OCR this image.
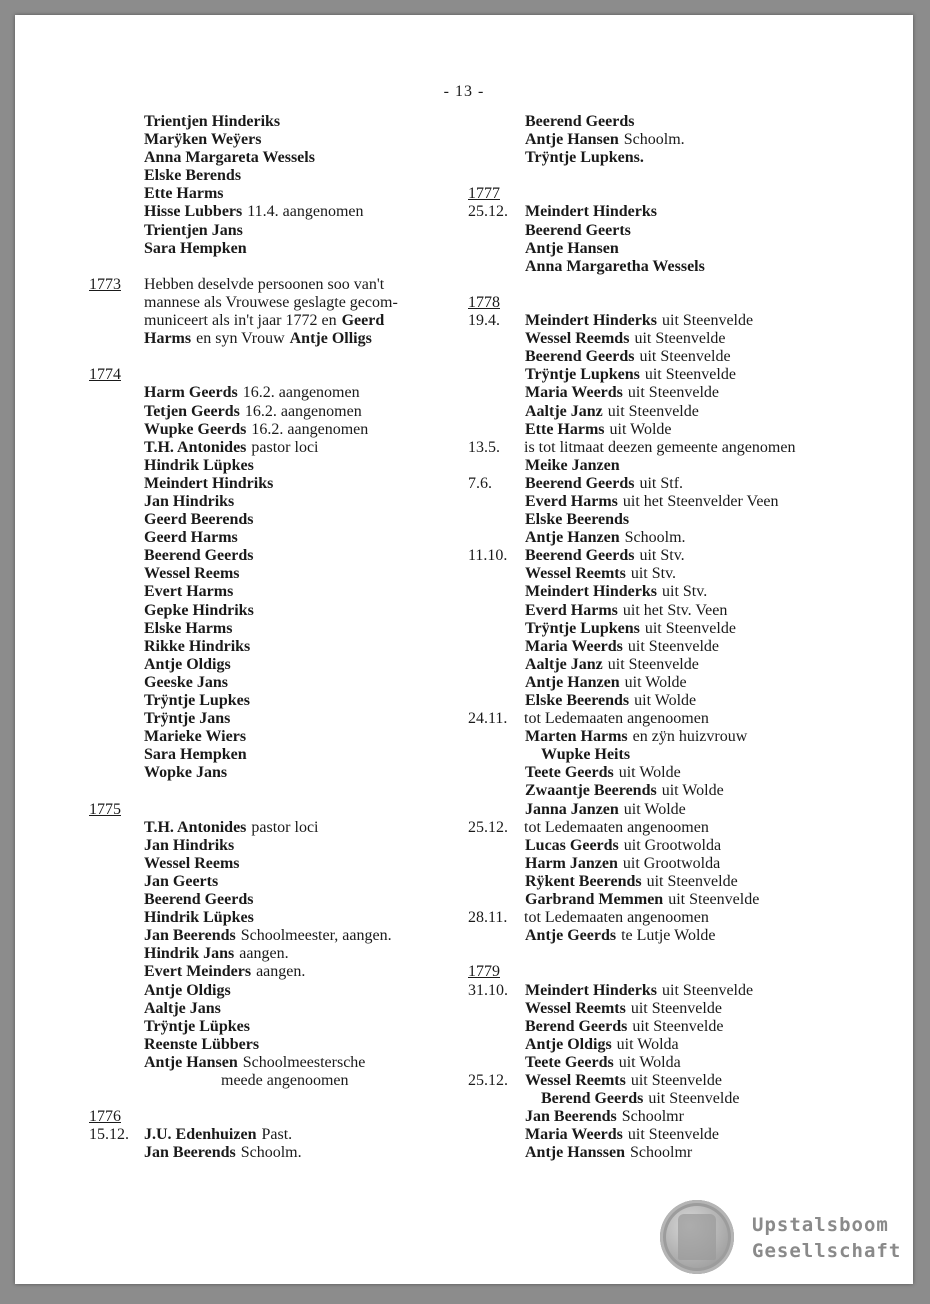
- 13 -
Trientjen Hinderiks
Marÿken Weÿers
Anna Margareta Wessels
Elske Berends
Ette Harms
Hisse Lubbers 11.4. aangenomen
Trientjen Jans
Sara Hempken
1773 Hebben deselvde persoonen soo van't
mannese als Vrouwese geslagte gecom-
municeert als in't jaar 1772 en Geerd
Harms en syn Vrouw Antje Olligs
1774
Harm Geerds 16.2. aangenomen
Tetjen Geerds 16.2. aangenomen
Wupke Geerds 16.2. aangenomen
T.H. Antonides pastor loci
Hindrik Lüpkes
Meindert Hindriks
Jan Hindriks
Geerd Beerends
Geerd Harms
Beerend Geerds
Wessel Reems
Evert Harms
Gepke Hindriks
Elske Harms
Rikke Hindriks
Antje Oldigs
Geeske Jans
Trÿntje Lupkes
Trÿntje Jans
Marieke Wiers
Sara Hempken
Wopke Jans
1775
T.H. Antonides pastor loci
Jan Hindriks
Wessel Reems
Jan Geerts
Beerend Geerds
Hindrik Lüpkes
Jan Beerends Schoolmeester, aangen.
Hindrik Jans aangen.
Evert Meinders aangen.
Antje Oldigs
Aaltje Jans
Trÿntje Lüpkes
Reenste Lübbers
Antje Hansen Schoolmeestersche
meede angenoomen
1776
15.12. J.U. Edenhuizen Past.
Jan Beerends Schoolm.
Beerend Geerds
Antje Hansen Schoolm.
Trÿntje Lupkens.
1777
25.12. Meindert Hinderks
Beerend Geerts
Antje Hansen
Anna Margaretha Wessels
1778
19.4. Meindert Hinderks uit Steenvelde
Wessel Reemds uit Steenvelde
Beerend Geerds uit Steenvelde
Trÿntje Lupkens uit Steenvelde
Maria Weerds uit Steenvelde
Aaltje Janz uit Steenvelde
Ette Harms uit Wolde
13.5. is tot litmaat deezen gemeente angenomen
Meike Janzen
7.6. Beerend Geerds uit Stf.
Everd Harms uit het Steenvelder Veen
Elske Beerends
Antje Hanzen Schoolm.
11.10. Beerend Geerds uit Stv.
Wessel Reemts uit Stv.
Meindert Hinderks uit Stv.
Everd Harms uit het Stv. Veen
Trÿntje Lupkens uit Steenvelde
Maria Weerds uit Steenvelde
Aaltje Janz uit Steenvelde
Antje Hanzen uit Wolde
Elske Beerends uit Wolde
24.11. tot Ledemaaten angenoomen
Marten Harms en zÿn huizvrouw
Wupke Heits
Teete Geerds uit Wolde
Zwaantje Beerends uit Wolde
Janna Janzen uit Wolde
25.12. tot Ledemaaten angenoomen
Lucas Geerds uit Grootwolda
Harm Janzen uit Grootwolda
Rÿkent Beerends uit Steenvelde
Garbrand Memmen uit Steenvelde
28.11. tot Ledemaaten angenoomen
Antje Geerds te Lutje Wolde
1779
31.10. Meindert Hinderks uit Steenvelde
Wessel Reemts uit Steenvelde
Berend Geerds uit Steenvelde
Antje Oldigs uit Wolda
Teete Geerds uit Wolda
25.12. Wessel Reemts uit Steenvelde
Berend Geerds uit Steenvelde
Jan Beerends Schoolmr
Maria Weerds uit Steenvelde
Antje Hanssen Schoolmr
Upstalsboom
Gesellschaft
